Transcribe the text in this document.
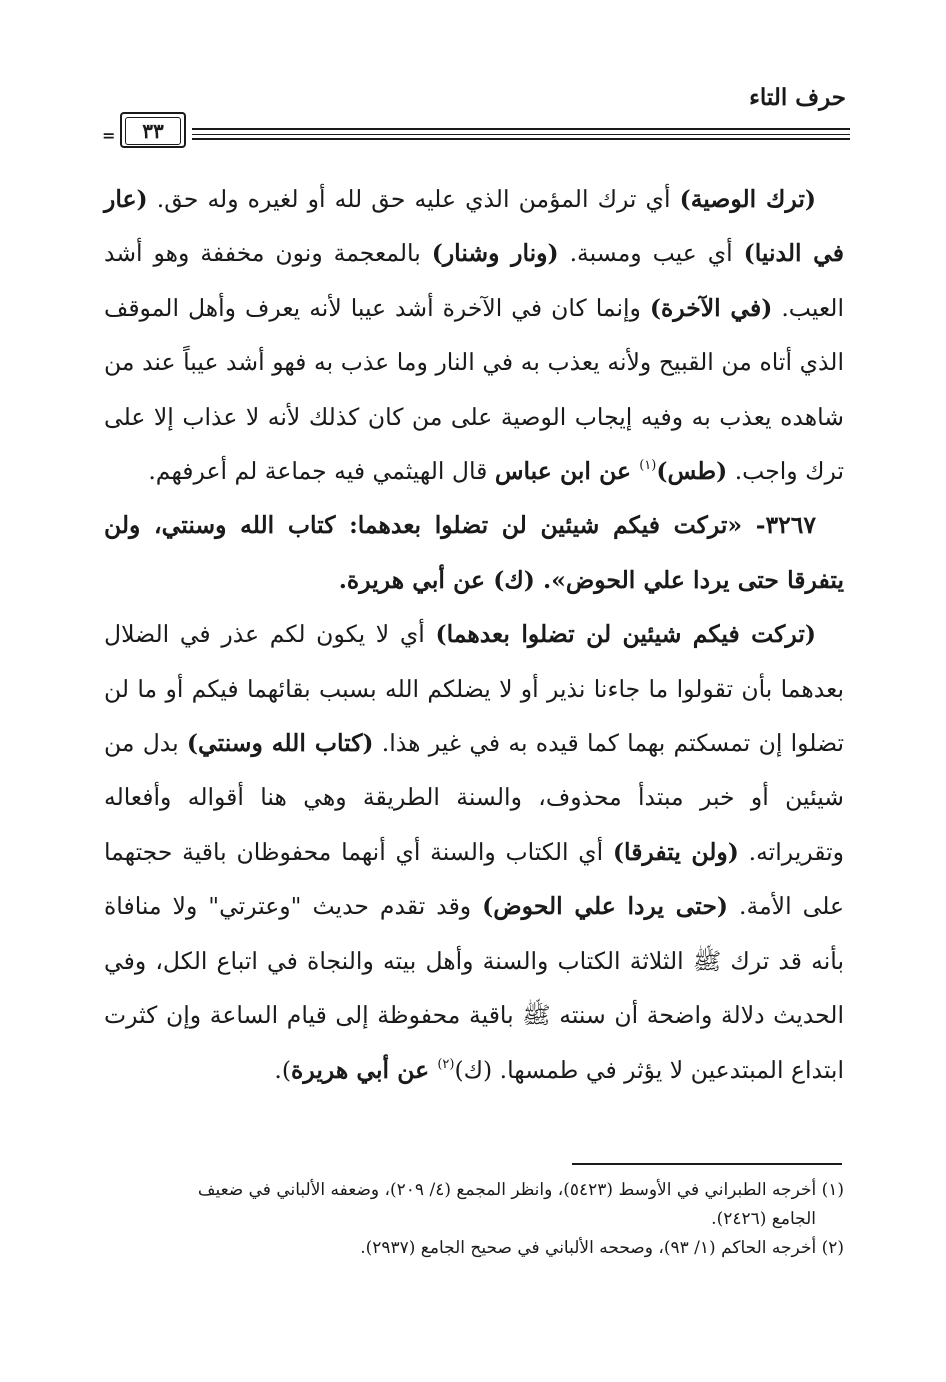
حرف التاء
=	٣٣

(ترك الوصية) أي ترك المؤمن الذي عليه حق لله أو لغيره وله حق. (عار في الدنيا) أي عيب ومسبة. (ونار وشنار) بالمعجمة ونون مخففة وهو أشد العيب. (في الآخرة) وإنما كان في الآخرة أشد عيبا لأنه يعرف وأهل الموقف الذي أتاه من القبيح ولأنه يعذب به في النار وما عذب به فهو أشد عيباً عند من شاهده يعذب به وفيه إيجاب الوصية على من كان كذلك لأنه لا عذاب إلا على ترك واجب. (طس)$^{(١)}$ عن ابن عباس قال الهيثمي فيه جماعة لم أعرفهم.

٣٢٦٧- «تركت فيكم شيئين لن تضلوا بعدهما: كتاب الله وسنتي، ولن يتفرقا حتى يردا علي الحوض». (ك) عن أبي هريرة.

(تركت فيكم شيئين لن تضلوا بعدهما) أي لا يكون لكم عذر في الضلال بعدهما بأن تقولوا ما جاءنا نذير أو لا يضلكم الله بسبب بقائهما فيكم أو ما لن تضلوا إن تمسكتم بهما كما قيده به في غير هذا. (كتاب الله وسنتي) بدل من شيئين أو خبر مبتدأ محذوف، والسنة الطريقة وهي هنا أقواله وأفعاله وتقريراته. (ولن يتفرقا) أي الكتاب والسنة أي أنهما محفوظان باقية حجتهما على الأمة. (حتى يردا علي الحوض) وقد تقدم حديث "وعترتي" ولا منافاة بأنه قد ترك ﷺ الثلاثة الكتاب والسنة وأهل بيته والنجاة في اتباع الكل، وفي الحديث دلالة واضحة أن سنته ﷺ باقية محفوظة إلى قيام الساعة وإن كثرت ابتداع المبتدعين لا يؤثر في طمسها. (ك)$^{(٢)}$ عن أبي هريرة).

(١) أخرجه الطبراني في الأوسط (٥٤٢٣)، وانظر المجمع (٤/ ٢٠٩)، وضعفه الألباني في ضعيف

الجامع (٢٤٢٦).

(٢) أخرجه الحاكم (١/ ٩٣)، وصححه الألباني في صحيح الجامع (٢٩٣٧).
